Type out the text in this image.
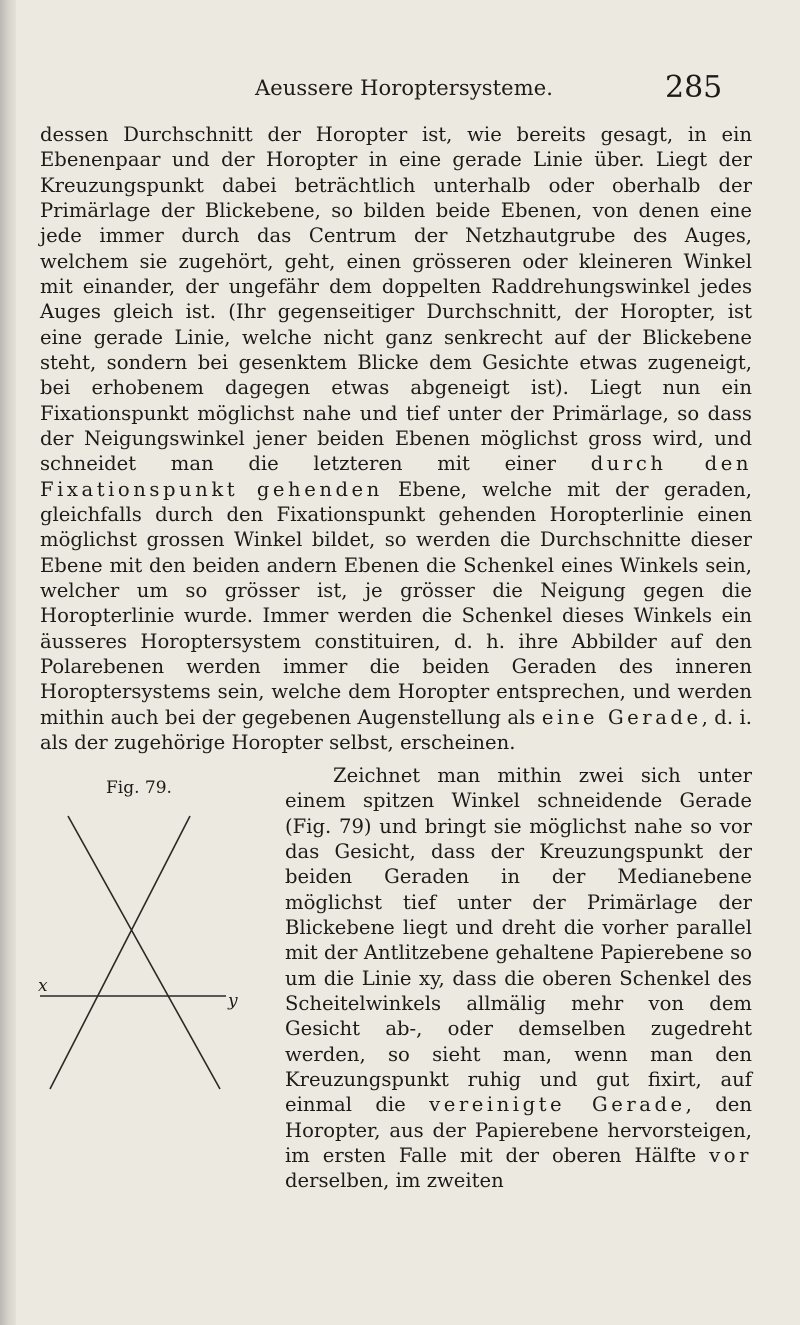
Aeussere Horoptersysteme.	285

dessen Durchschnitt der Horopter ist, wie bereits gesagt, in ein Ebenenpaar und der Horopter in eine gerade Linie über. Liegt der Kreuzungspunkt dabei beträchtlich unterhalb oder oberhalb der Primärlage der Blickebene, so bilden beide Ebenen, von denen eine jede immer durch das Centrum der Netzhautgrube des Auges, welchem sie zugehört, geht, einen grösseren oder kleineren Winkel mit einander, der ungefähr dem doppelten Raddrehungswinkel jedes Auges gleich ist. (Ihr gegenseitiger Durchschnitt, der Horopter, ist eine gerade Linie, welche nicht ganz senkrecht auf der Blickebene steht, sondern bei gesenktem Blicke dem Gesichte etwas zugeneigt, bei erhobenem dagegen etwas abgeneigt ist). Liegt nun ein Fixationspunkt möglichst nahe und tief unter der Primärlage, so dass der Neigungswinkel jener beiden Ebenen möglichst gross wird, und schneidet man die letzteren mit einer durch den Fixationspunkt gehenden Ebene, welche mit der geraden, gleichfalls durch den Fixationspunkt gehenden Horopterlinie einen möglichst grossen Winkel bildet, so werden die Durchschnitte dieser Ebene mit den beiden andern Ebenen die Schenkel eines Winkels sein, welcher um so grösser ist, je grösser die Neigung gegen die Horopterlinie wurde. Immer werden die Schenkel dieses Winkels ein äusseres Horoptersystem constituiren, d. h. ihre Abbilder auf den Polarebenen werden immer die beiden Geraden des inneren Horoptersystems sein, welche dem Horopter entsprechen, und werden mithin auch bei der gegebenen Augenstellung als eine Gerade, d. i. als der zugehörige Horopter selbst, erscheinen.

Fig. 79.
x
y

Zeichnet man mithin zwei sich unter einem spitzen Winkel schneidende Gerade (Fig. 79) und bringt sie möglichst nahe so vor das Gesicht, dass der Kreuzungspunkt der beiden Geraden in der Medianebene möglichst tief unter der Primärlage der Blickebene liegt und dreht die vorher parallel mit der Antlitzebene gehaltene Papierebene so um die Linie xy, dass die oberen Schenkel des Scheitelwinkels allmälig mehr von dem Gesicht ab-, oder demselben zugedreht werden, so sieht man, wenn man den Kreuzungspunkt ruhig und gut fixirt, auf einmal die vereinigte Gerade, den Horopter, aus der Papierebene hervorsteigen, im ersten Falle mit der oberen Hälfte vor derselben, im zweiten
